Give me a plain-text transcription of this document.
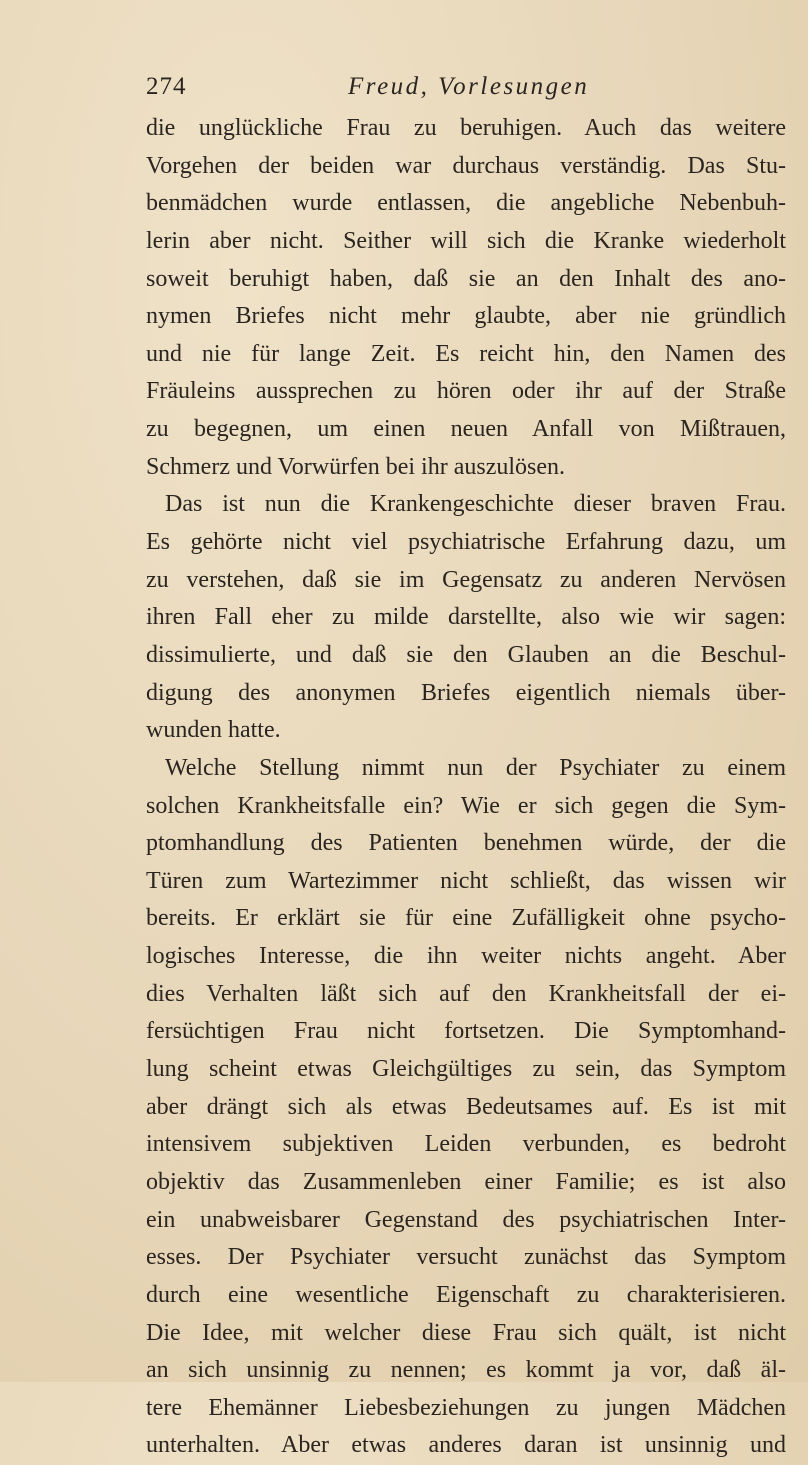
274	Freud, Vorlesungen
die unglückliche Frau zu beruhigen. Auch das weitere
Vorgehen der beiden war durchaus verständig. Das Stu-
benmädchen wurde entlassen, die angebliche Nebenbuh-
lerin aber nicht. Seither will sich die Kranke wiederholt
soweit beruhigt haben, daß sie an den Inhalt des ano-
nymen Briefes nicht mehr glaubte, aber nie gründlich
und nie für lange Zeit. Es reicht hin, den Namen des
Fräuleins aussprechen zu hören oder ihr auf der Straße
zu begegnen, um einen neuen Anfall von Mißtrauen,
Schmerz und Vorwürfen bei ihr auszulösen.
Das ist nun die Krankengeschichte dieser braven Frau.
Es gehörte nicht viel psychiatrische Erfahrung dazu, um
zu verstehen, daß sie im Gegensatz zu anderen Nervösen
ihren Fall eher zu milde darstellte, also wie wir sagen:
dissimulierte, und daß sie den Glauben an die Beschul-
digung des anonymen Briefes eigentlich niemals über-
wunden hatte.
Welche Stellung nimmt nun der Psychiater zu einem
solchen Krankheitsfalle ein? Wie er sich gegen die Sym-
ptomhandlung des Patienten benehmen würde, der die
Türen zum Wartezimmer nicht schließt, das wissen wir
bereits. Er erklärt sie für eine Zufälligkeit ohne psycho-
logisches Interesse, die ihn weiter nichts angeht. Aber
dies Verhalten läßt sich auf den Krankheitsfall der ei-
fersüchtigen Frau nicht fortsetzen. Die Symptomhand-
lung scheint etwas Gleichgültiges zu sein, das Symptom
aber drängt sich als etwas Bedeutsames auf. Es ist mit
intensivem subjektiven Leiden verbunden, es bedroht
objektiv das Zusammenleben einer Familie; es ist also
ein unabweisbarer Gegenstand des psychiatrischen Inter-
esses. Der Psychiater versucht zunächst das Symptom
durch eine wesentliche Eigenschaft zu charakterisieren.
Die Idee, mit welcher diese Frau sich quält, ist nicht
an sich unsinnig zu nennen; es kommt ja vor, daß äl-
tere Ehemänner Liebesbeziehungen zu jungen Mädchen
unterhalten. Aber etwas anderes daran ist unsinnig und
